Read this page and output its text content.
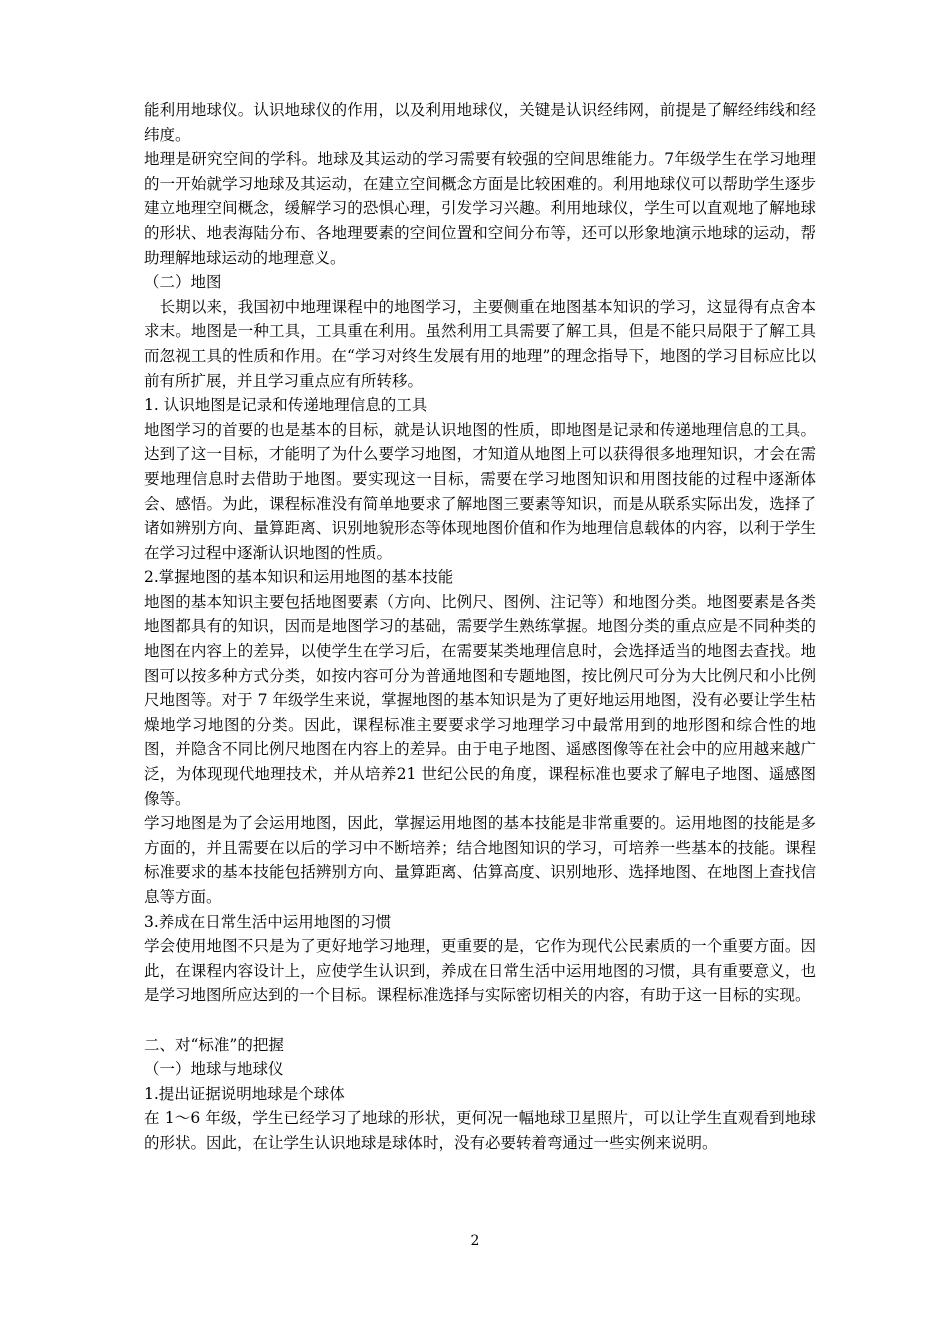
能利用地球仪。认识地球仪的作用，以及利用地球仪，关键是认识经纬网，前提是了解经纬线和经纬度。

地理是研究空间的学科。地球及其运动的学习需要有较强的空间思维能力。7年级学生在学习地理的一开始就学习地球及其运动，在建立空间概念方面是比较困难的。利用地球仪可以帮助学生逐步建立地理空间概念，缓解学习的恐惧心理，引发学习兴趣。利用地球仪，学生可以直观地了解地球的形状、地表海陆分布、各地理要素的空间位置和空间分布等，还可以形象地演示地球的运动，帮助理解地球运动的地理意义。

（二）地图

　长期以来，我国初中地理课程中的地图学习，主要侧重在地图基本知识的学习，这显得有点舍本求末。地图是一种工具，工具重在利用。虽然利用工具需要了解工具，但是不能只局限于了解工具而忽视工具的性质和作用。在“学习对终生发展有用的地理”的理念指导下，地图的学习目标应比以前有所扩展，并且学习重点应有所转移。

1. 认识地图是记录和传递地理信息的工具

地图学习的首要的也是基本的目标，就是认识地图的性质，即地图是记录和传递地理信息的工具。达到了这一目标，才能明了为什么要学习地图，才知道从地图上可以获得很多地理知识，才会在需要地理信息时去借助于地图。要实现这一目标，需要在学习地图知识和用图技能的过程中逐渐体会、感悟。为此，课程标准没有简单地要求了解地图三要素等知识，而是从联系实际出发，选择了诸如辨别方向、量算距离、识别地貌形态等体现地图价值和作为地理信息载体的内容，以利于学生在学习过程中逐渐认识地图的性质。

2.掌握地图的基本知识和运用地图的基本技能

地图的基本知识主要包括地图要素（方向、比例尺、图例、注记等）和地图分类。地图要素是各类地图都具有的知识，因而是地图学习的基础，需要学生熟练掌握。地图分类的重点应是不同种类的地图在内容上的差异，以使学生在学习后，在需要某类地理信息时，会选择适当的地图去查找。地图可以按多种方式分类，如按内容可分为普通地图和专题地图，按比例尺可分为大比例尺和小比例尺地图等。对于 7 年级学生来说，掌握地图的基本知识是为了更好地运用地图，没有必要让学生枯燥地学习地图的分类。因此，课程标准主要要求学习地理学习中最常用到的地形图和综合性的地图，并隐含不同比例尺地图在内容上的差异。由于电子地图、遥感图像等在社会中的应用越来越广泛，为体现现代地理技术，并从培养21 世纪公民的角度，课程标准也要求了解电子地图、遥感图像等。

学习地图是为了会运用地图，因此，掌握运用地图的基本技能是非常重要的。运用地图的技能是多方面的，并且需要在以后的学习中不断培养；结合地图知识的学习，可培养一些基本的技能。课程标准要求的基本技能包括辨别方向、量算距离、估算高度、识别地形、选择地图、在地图上查找信息等方面。

3.养成在日常生活中运用地图的习惯

学会使用地图不只是为了更好地学习地理，更重要的是，它作为现代公民素质的一个重要方面。因此，在课程内容设计上，应使学生认识到，养成在日常生活中运用地图的习惯，具有重要意义，也是学习地图所应达到的一个目标。课程标准选择与实际密切相关的内容，有助于这一目标的实现。

二、对“标准”的把握

（一）地球与地球仪

1.提出证据说明地球是个球体

在 1～6 年级，学生已经学习了地球的形状，更何况一幅地球卫星照片，可以让学生直观看到地球的形状。因此，在让学生认识地球是球体时，没有必要转着弯通过一些实例来说明。

2
